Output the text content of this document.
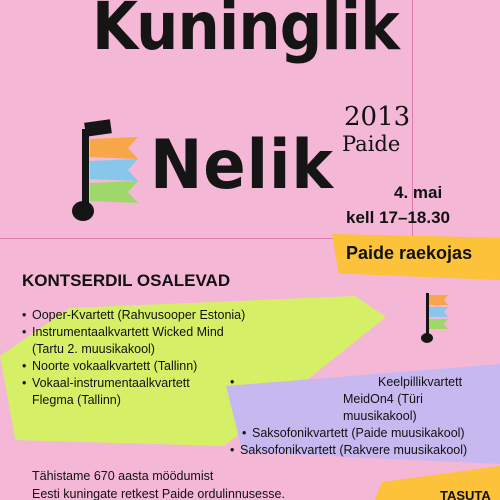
Kuninglik
Nelik
2013
Paide
4. mai
kell 17–18.30
Paide raekojas
KONTSERDIL OSALEVAD
• Ooper-Kvartett (Rahvusooper Estonia)
• Instrumentaalkvartett Wicked Mind
(Tartu 2. muusikakool)
• Noorte vokaalkvartett (Tallinn)
• Vokaal-instrumentaalkvartett
Flegma (Tallinn)
• Keelpillikvartett
MeidOn4 (Türi muusikakool)
• Saksofonikvartett (Paide muusikakool)
• Saksofonikvartett (Rakvere muusikakool)
Tähistame 670 aasta möödumist
Eesti kuningate retkest Paide ordulinnusesse.	TASUTA
